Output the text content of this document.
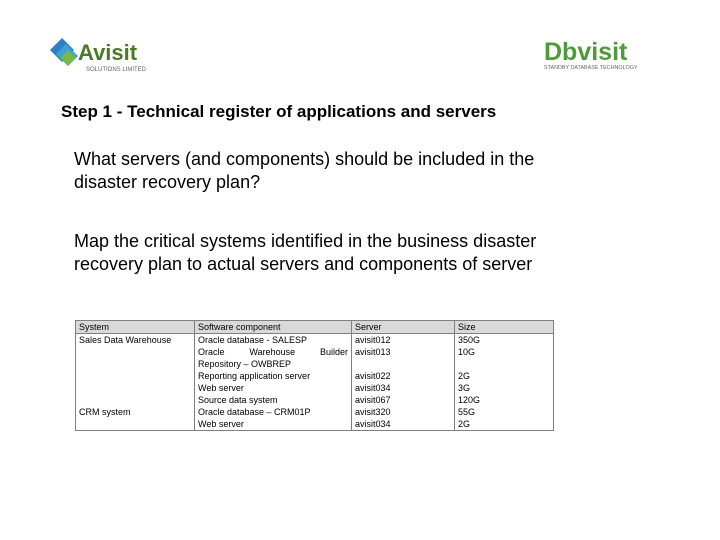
Avisit
SOLUTIONS LIMITED
Dbvisit
STANDBY DATABASE TECHNOLOGY
Step 1 - Technical register of applications and servers

What servers (and components) should be included in the disaster recovery plan?

Map the critical systems identified in the business disaster recovery plan to actual servers and components of server

System	Software component	Server	Size
Sales Data Warehouse	Oracle database - SALESP	avisit012	350G
	Oracle Warehouse Builder Repository – OWBREP	avisit013	10G
	Reporting application server	avisit022	2G
	Web server	avisit034	3G
	Source data system	avisit067	120G
CRM system	Oracle database – CRM01P	avisit320	55G
	Web server	avisit034	2G
